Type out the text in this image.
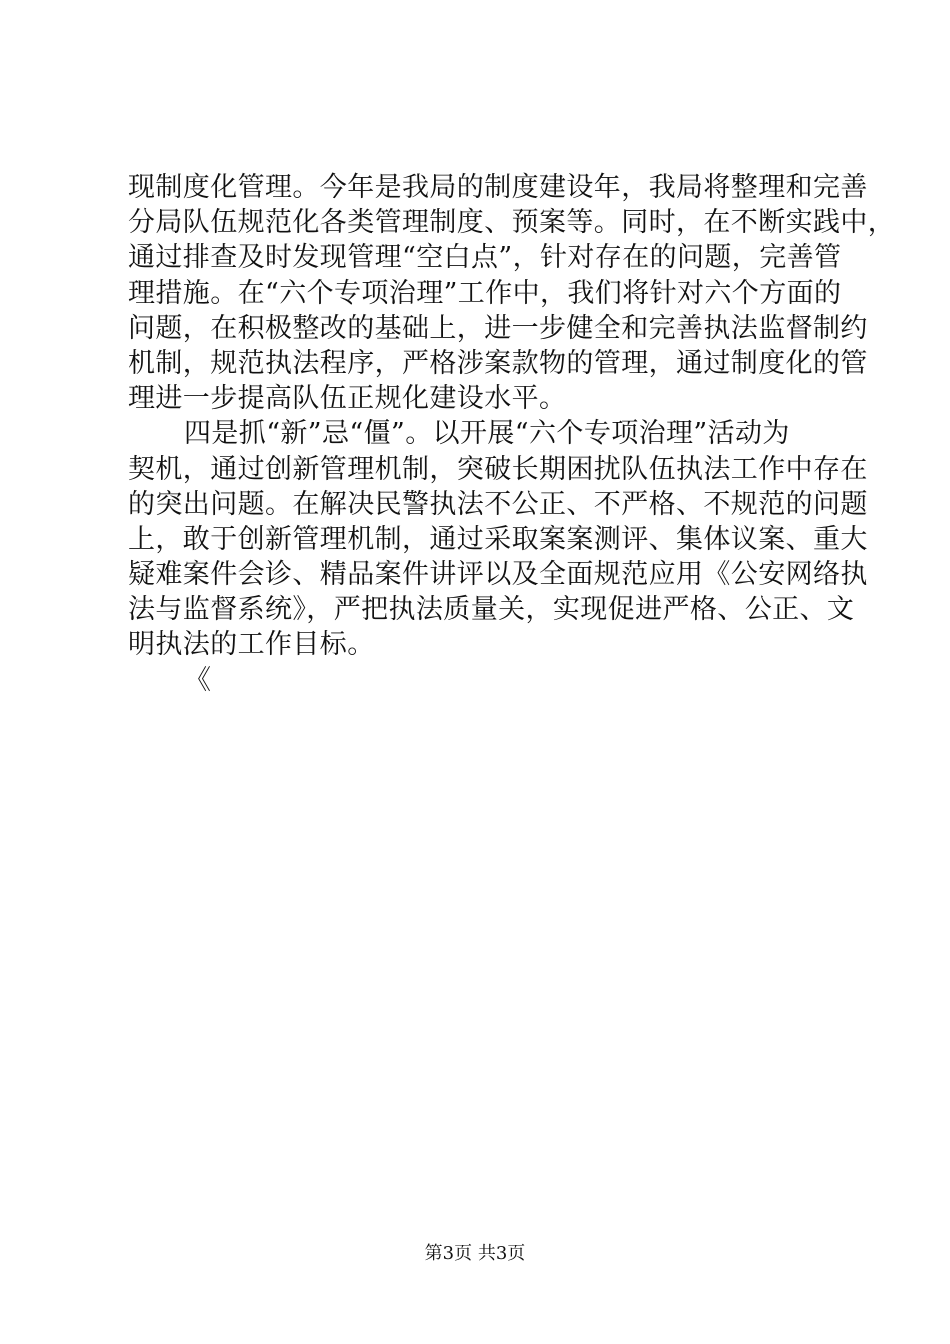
现制度化管理。今年是我局的制度建设年，我局将整理和完善
分局队伍规范化各类管理制度、预案等。同时，在不断实践中，
通过排查及时发现管理“空白点”，针对存在的问题，完善管
理措施。在“六个专项治理”工作中，我们将针对六个方面的
问题，在积极整改的基础上，进一步健全和完善执法监督制约
机制，规范执法程序，严格涉案款物的管理，通过制度化的管
理进一步提高队伍正规化建设水平。
四是抓“新”忌“僵”。以开展“六个专项治理”活动为
契机，通过创新管理机制，突破长期困扰队伍执法工作中存在
的突出问题。在解决民警执法不公正、不严格、不规范的问题
上，敢于创新管理机制，通过采取案案测评、集体议案、重大
疑难案件会诊、精品案件讲评以及全面规范应用《公安网络执
法与监督系统》，严把执法质量关，实现促进严格、公正、文
明执法的工作目标。
《
第3页 共3页
